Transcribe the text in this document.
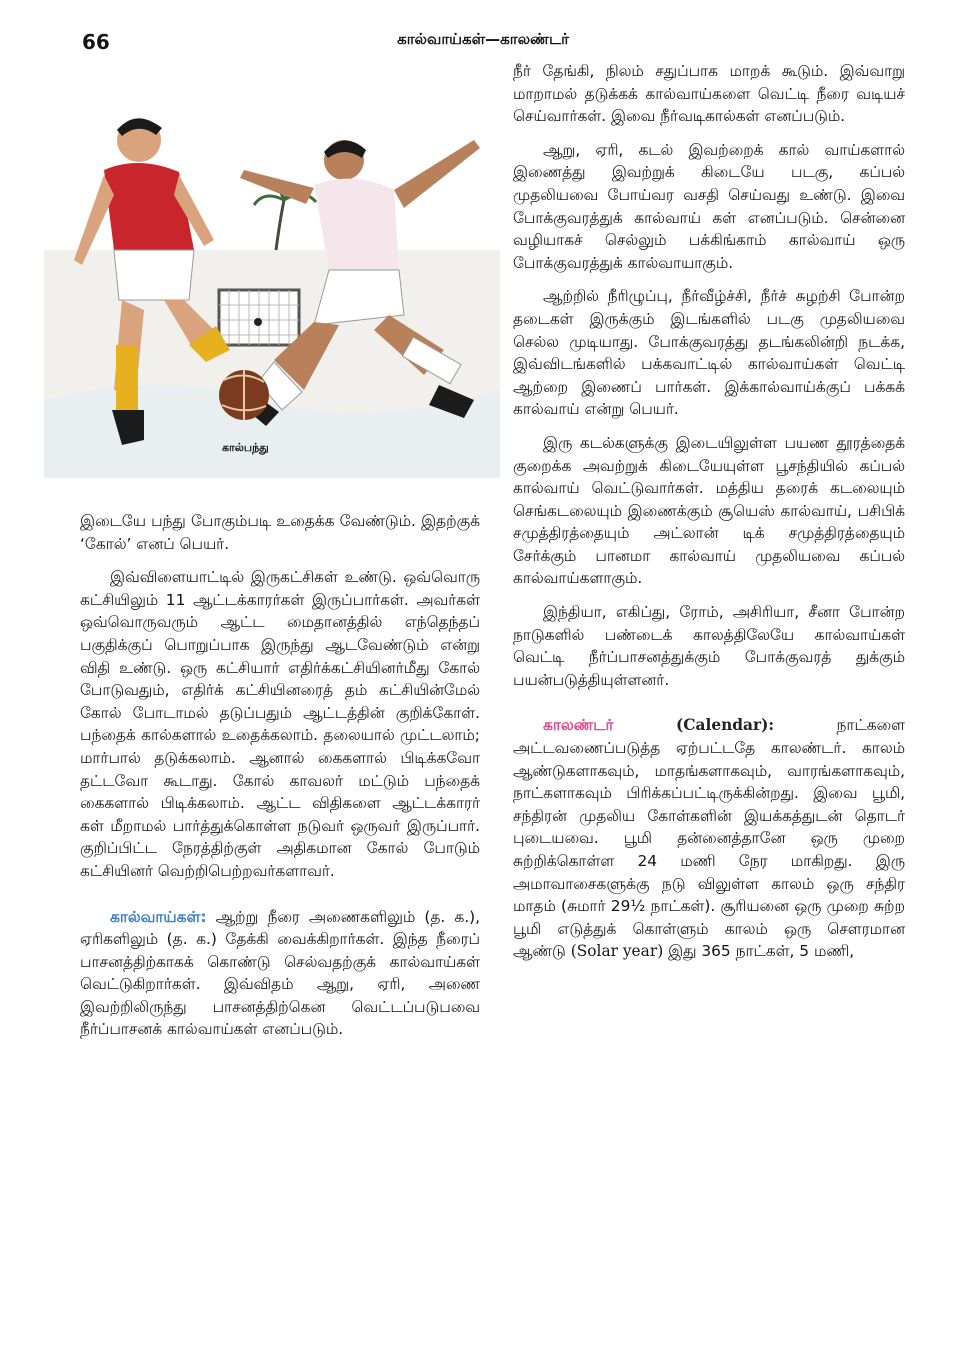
66	கால்வாய்கள்—காலண்டர்
கால்பந்து

இடையே பந்து போகும்படி உதைக்க வேண்டும். இதற்குக் ‘கோல்’ எனப் பெயர்.

இவ்விளையாட்டில் இருகட்சிகள் உண்டு. ஒவ்வொரு கட்சியிலும் 11 ஆட்டக்காரர்கள் இருப்பார்கள். அவர்கள் ஒவ்வொருவரும் ஆட்ட மைதானத்தில் எந்தெந்தப் பகுதிக்குப் பொறுப்பாக இருந்து ஆடவேண்டும் என்று விதி உண்டு. ஒரு கட்சியார் எதிர்க்கட்சியினர்மீது கோல் போடுவதும், எதிர்க் கட்சியினரைத் தம் கட்சியின்மேல் கோல் போடாமல் தடுப்பதும் ஆட்டத்தின் குறிக்கோள். பந்தைக் கால்களால் உதைக்கலாம். தலையால் முட்டலாம்; மார்பால் தடுக்கலாம். ஆனால் கைகளால் பிடிக்கவோ தட்டவோ கூடாது. கோல் காவலர் மட்டும் பந்தைக் கைகளால் பிடிக்கலாம். ஆட்ட விதிகளை ஆட்டக்காரர் கள் மீறாமல் பார்த்துக்கொள்ள நடுவர் ஒருவர் இருப்பார். குறிப்பிட்ட நேரத்திற்குள் அதிகமான கோல் போடும் கட்சியினர் வெற்றிபெற்றவர்களாவர்.

கால்வாய்கள்: ஆற்று நீரை அணைகளிலும் (த. க.), ஏரிகளிலும் (த. க.) தேக்கி வைக்கிறார்கள். இந்த நீரைப் பாசனத்திற்காகக் கொண்டு செல்வதற்குக் கால்வாய்கள் வெட்டுகிறார்கள். இவ்விதம் ஆறு, ஏரி, அணை இவற்றிலிருந்து பாசனத்திற்கென வெட்டப்படுபவை நீர்ப்பாசனக் கால்வாய்கள் எனப்படும்.

நீர் தேங்கி, நிலம் சதுப்பாக மாறக் கூடும். இவ்வாறு மாறாமல் தடுக்கக் கால்வாய்களை வெட்டி நீரை வடியச் செய்வார்கள். இவை நீர்வடிகால்கள் எனப்படும்.

ஆறு, ஏரி, கடல் இவற்றைக் கால் வாய்களால் இணைத்து இவற்றுக் கிடையே படகு, கப்பல் முதலியவை போய்வர வசதி செய்வது உண்டு. இவை போக்குவரத்துக் கால்வாய் கள் எனப்படும். சென்னை வழியாகச் செல்லும் பக்கிங்காம் கால்வாய் ஒரு போக்குவரத்துக் கால்வாயாகும்.

ஆற்றில் நீரிழுப்பு, நீர்வீழ்ச்சி, நீர்ச் சுழற்சி போன்ற தடைகள் இருக்கும் இடங்களில் படகு முதலியவை செல்ல முடியாது. போக்குவரத்து தடங்கலின்றி நடக்க, இவ்விடங்களில் பக்கவாட்டில் கால்வாய்கள் வெட்டி ஆற்றை இணைப் பார்கள். இக்கால்வாய்க்குப் பக்கக் கால்வாய் என்று பெயர்.

இரு கடல்களுக்கு இடையிலுள்ள பயண தூரத்தைக் குறைக்க அவற்றுக் கிடையேயுள்ள பூசந்தியில் கப்பல் கால்வாய் வெட்டுவார்கள். மத்திய தரைக் கடலையும் செங்கடலையும் இணைக்கும் சூயெஸ் கால்வாய், பசிபிக் சமுத்திரத்தையும் அட்லான் டிக் சமுத்திரத்தையும் சேர்க்கும் பானமா கால்வாய் முதலியவை கப்பல் கால்வாய்களாகும்.

இந்தியா, எகிப்து, ரோம், அசிரியா, சீனா போன்ற நாடுகளில் பண்டைக் காலத்திலேயே கால்வாய்கள் வெட்டி நீர்ப்பாசனத்துக்கும் போக்குவரத் துக்கும் பயன்படுத்தியுள்ளனர்.

காலண்டர்	(Calendar):	நாட்களை அட்டவணைப்படுத்த ஏற்பட்டதே காலண்டர். காலம் ஆண்டுகளாகவும், மாதங்களாகவும், வாரங்களாகவும், நாட்களாகவும் பிரிக்கப்பட்டிருக்கின்றது. இவை பூமி, சந்திரன் முதலிய கோள்களின் இயக்கத்துடன் தொடர் புடையவை. பூமி தன்னைத்தானே ஒரு முறை சுற்றிக்கொள்ள 24 மணி நேர மாகிறது. இரு அமாவாசைகளுக்கு நடு விலுள்ள காலம் ஒரு சந்திர மாதம் (சுமார் 29½ நாட்கள்). சூரியனை ஒரு முறை சுற்ற பூமி எடுத்துக் கொள்ளும் காலம் ஒரு சௌரமான ஆண்டு (Solar year) இது 365 நாட்கள், 5 மணி,
